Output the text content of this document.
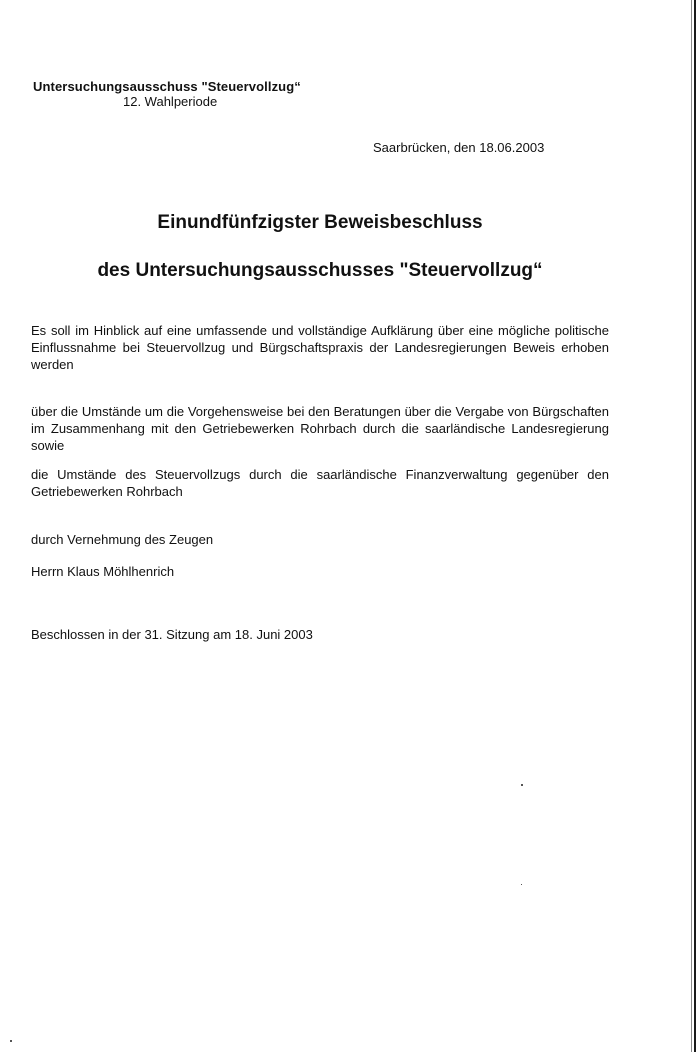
Untersuchungsausschuss "Steuervollzug“
12. Wahlperiode
Saarbrücken, den 18.06.2003
Einundfünfzigster Beweisbeschluss
des Untersuchungsausschusses "Steuervollzug“
Es soll im Hinblick auf eine umfassende und vollständige Aufklärung über eine mögliche politische Einflussnahme bei Steuervollzug und Bürgschaftspraxis der Landesregierungen Beweis erhoben werden
über die Umstände um die Vorgehensweise bei den Beratungen über die Vergabe von Bürgschaften im Zusammenhang mit den Getriebewerken Rohrbach durch die saarländische Landesregierung sowie
die Umstände des Steuervollzugs durch die saarländische Finanzverwaltung gegenüber den Getriebewerken Rohrbach
durch Vernehmung des Zeugen
Herrn Klaus Möhlhenrich
Beschlossen in der 31. Sitzung am 18. Juni 2003
